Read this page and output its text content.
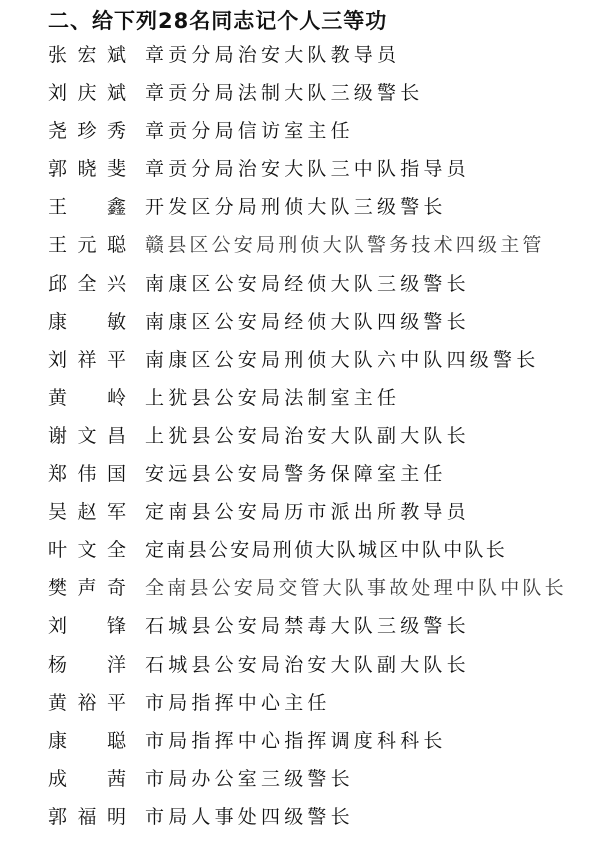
二、给下列28名同志记个人三等功
张宏斌 章贡分局治安大队教导员
刘庆斌 章贡分局法制大队三级警长
尧珍秀 章贡分局信访室主任
郭晓斐 章贡分局治安大队三中队指导员
王　鑫 开发区分局刑侦大队三级警长
王元聪 赣县区公安局刑侦大队警务技术四级主管
邱全兴 南康区公安局经侦大队三级警长
康　敏 南康区公安局经侦大队四级警长
刘祥平 南康区公安局刑侦大队六中队四级警长
黄　岭 上犹县公安局法制室主任
谢文昌 上犹县公安局治安大队副大队长
郑伟国 安远县公安局警务保障室主任
吴赵军 定南县公安局历市派出所教导员
叶文全 定南县公安局刑侦大队城区中队中队长
樊声奇 全南县公安局交管大队事故处理中队中队长
刘　锋 石城县公安局禁毒大队三级警长
杨　洋 石城县公安局治安大队副大队长
黄裕平 市局指挥中心主任
康　聪 市局指挥中心指挥调度科科长
成　茜 市局办公室三级警长
郭福明 市局人事处四级警长
